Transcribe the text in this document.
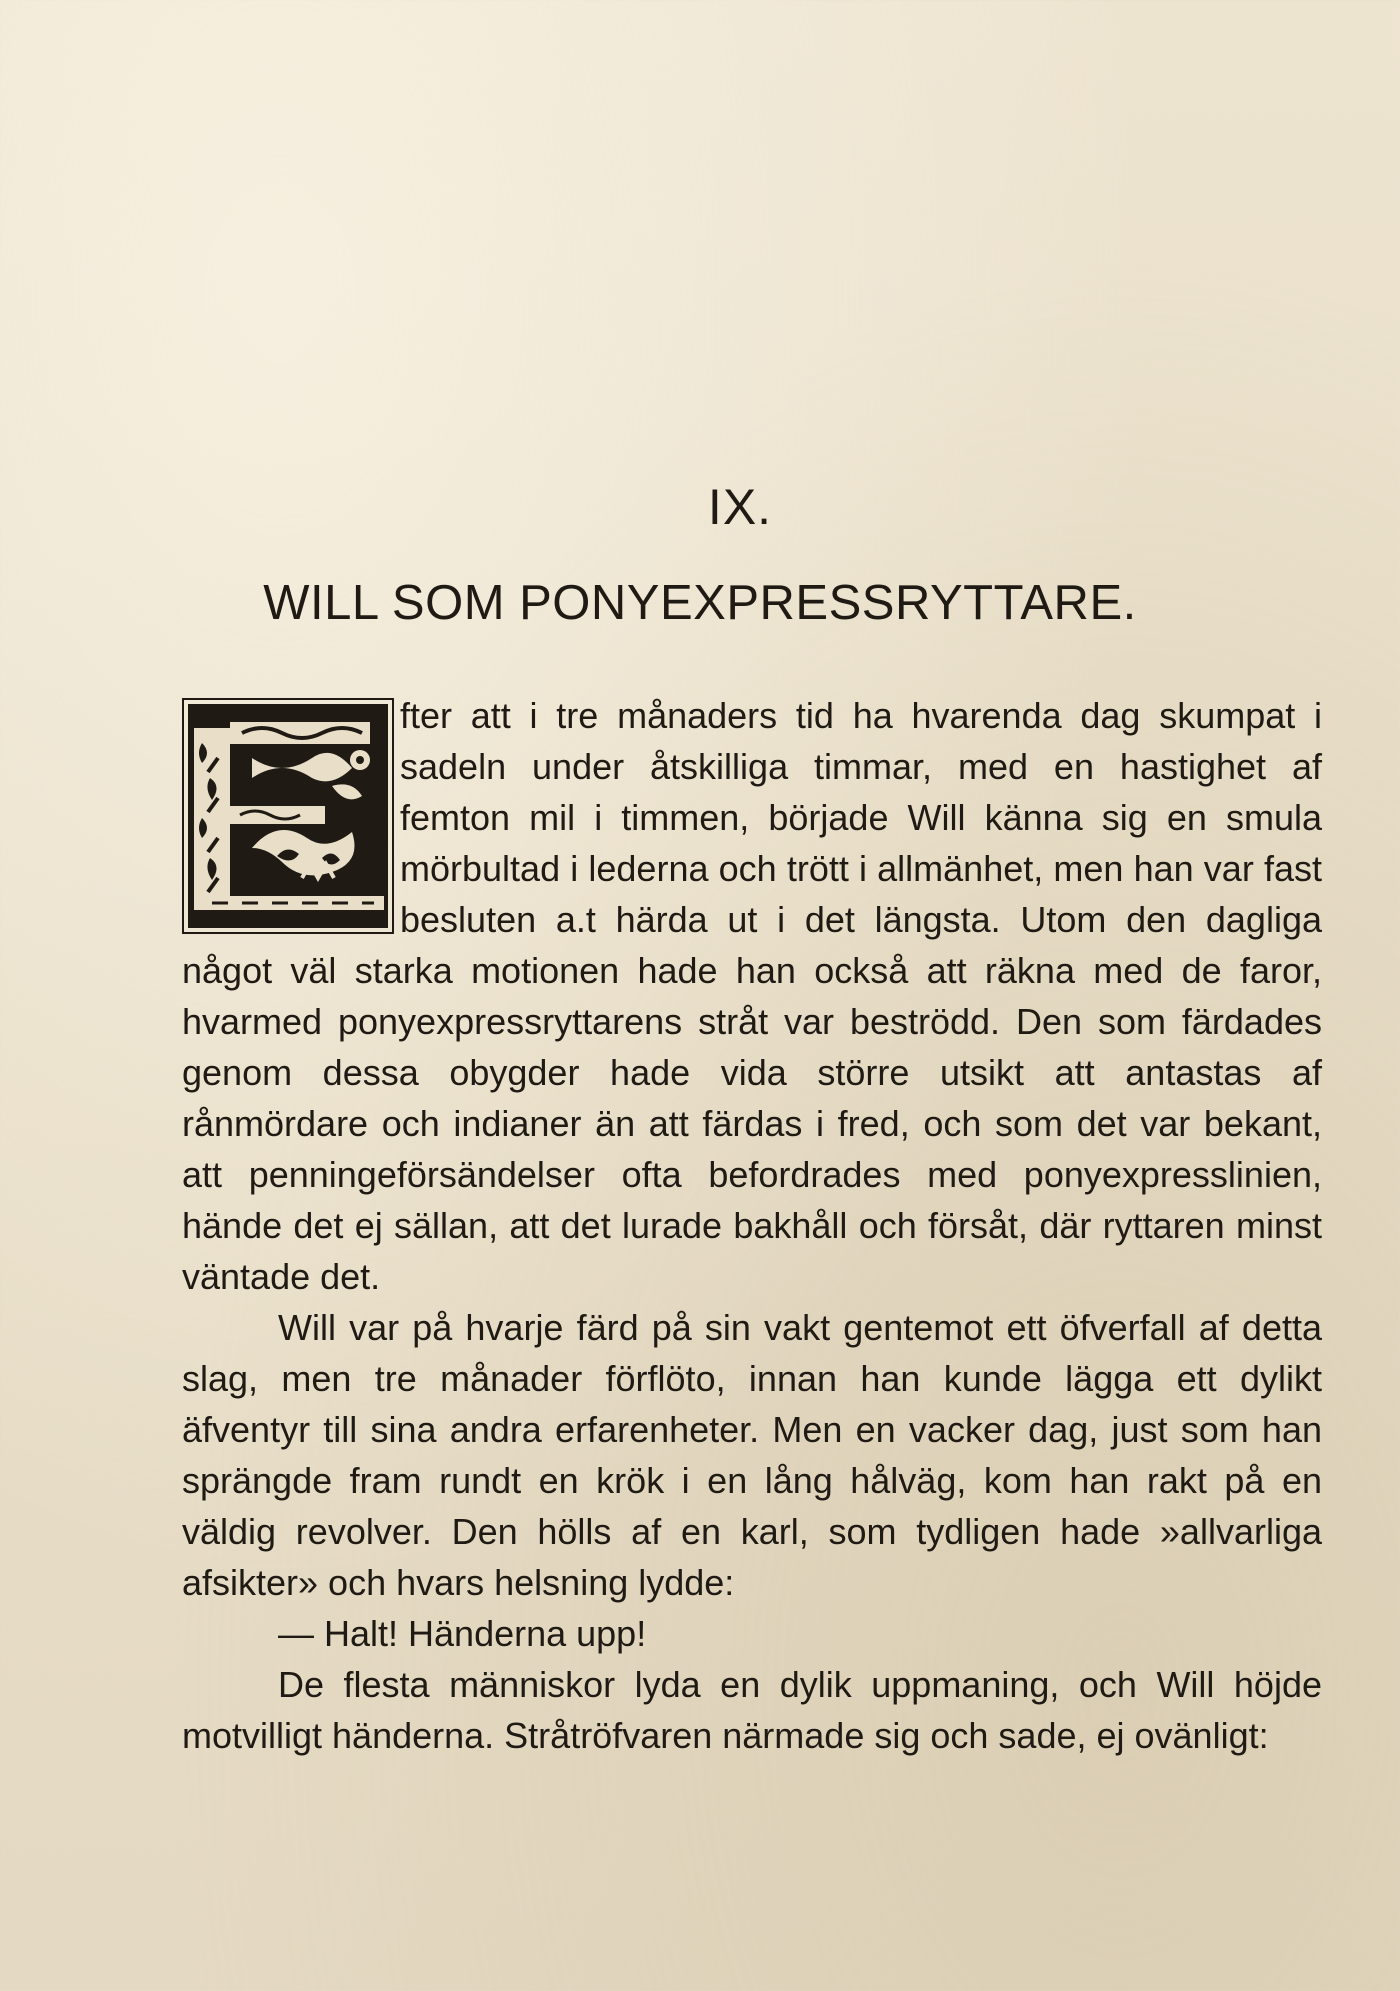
IX.
WILL SOM PONYEXPRESSRYTTARE.

fter att i tre månaders tid ha hvarenda dag skumpat i sadeln under åtskilliga timmar, med en hastighet af femton mil i timmen, började Will känna sig en smula mörbultad i lederna och trött i allmänhet, men han var fast besluten a.t härda ut i det längsta. Utom den dagliga något väl starka motionen hade han också att räkna med de faror, hvarmed ponyexpressryttarens stråt var beströdd. Den som färdades genom dessa obygder hade vida större utsikt att antastas af rånmördare och indianer än att färdas i fred, och som det var bekant, att penningeförsändelser ofta befordrades med ponyexpresslinien, hände det ej sällan, att det lurade bakhåll och försåt, där ryttaren minst väntade det.

Will var på hvarje färd på sin vakt gentemot ett öfverfall af detta slag, men tre månader förflöto, innan han kunde lägga ett dylikt äfventyr till sina andra erfarenheter. Men en vacker dag, just som han sprängde fram rundt en krök i en lång hålväg, kom han rakt på en väldig revolver. Den hölls af en karl, som tydligen hade »allvarliga afsikter» och hvars helsning lydde:

— Halt! Händerna upp!

De flesta människor lyda en dylik uppmaning, och Will höjde motvilligt händerna. Stråtröfvaren närmade sig och sade, ej ovänligt:
